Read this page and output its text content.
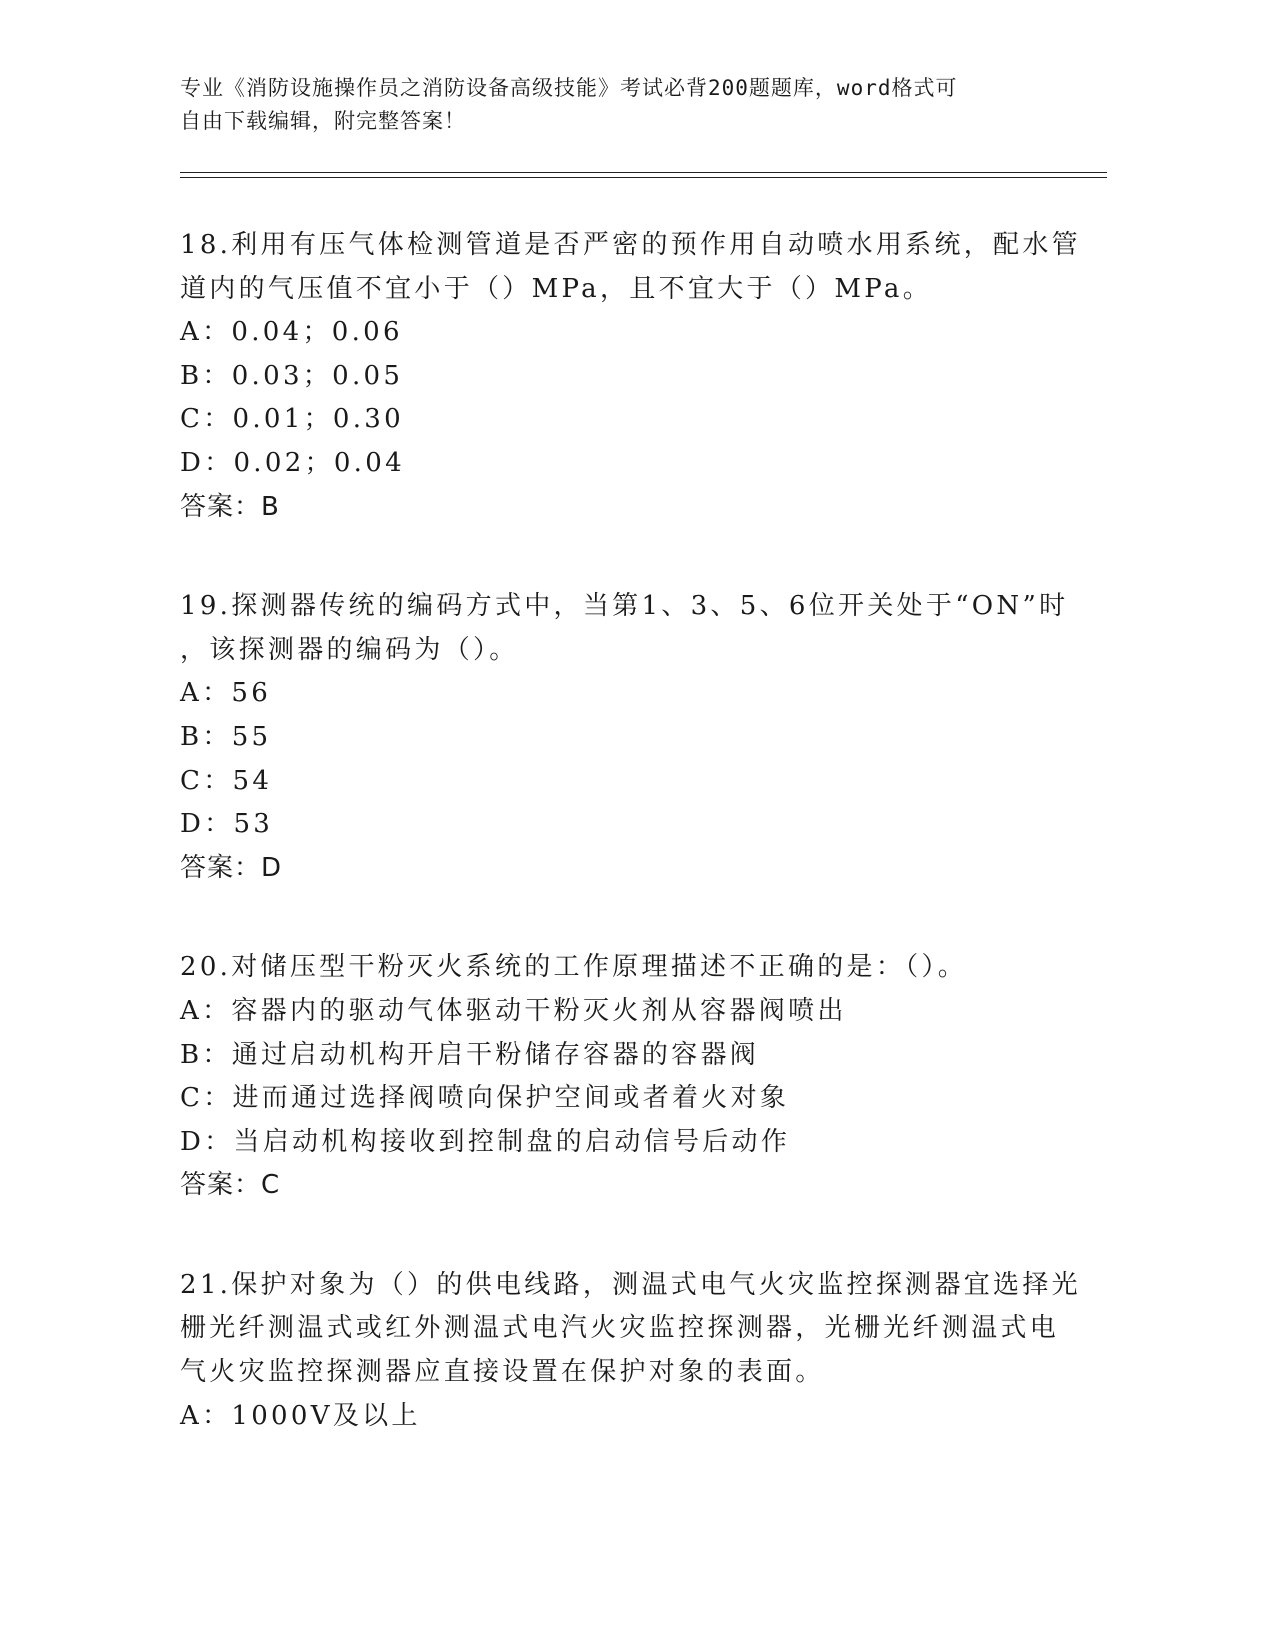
专业《消防设施操作员之消防设备高级技能》考试必背200题题库，word格式可
自由下载编辑，附完整答案！
18.利用有压气体检测管道是否严密的预作用自动喷水用系统，配水管
道内的气压值不宜小于（）MPa，且不宜大于（）MPa。
A：0.04；0.06
B：0.03；0.05
C：0.01；0.30
D：0.02；0.04
答案：B
19.探测器传统的编码方式中，当第1、3、5、6位开关处于“ON”时
，该探测器的编码为（）。
A：56
B：55
C：54
D：53
答案：D
20.对储压型干粉灭火系统的工作原理描述不正确的是：（）。
A：容器内的驱动气体驱动干粉灭火剂从容器阀喷出
B：通过启动机构开启干粉储存容器的容器阀
C：进而通过选择阀喷向保护空间或者着火对象
D：当启动机构接收到控制盘的启动信号后动作
答案：C
21.保护对象为（）的供电线路，测温式电气火灾监控探测器宜选择光
栅光纤测温式或红外测温式电汽火灾监控探测器，光栅光纤测温式电
气火灾监控探测器应直接设置在保护对象的表面。
A：1000V及以上
